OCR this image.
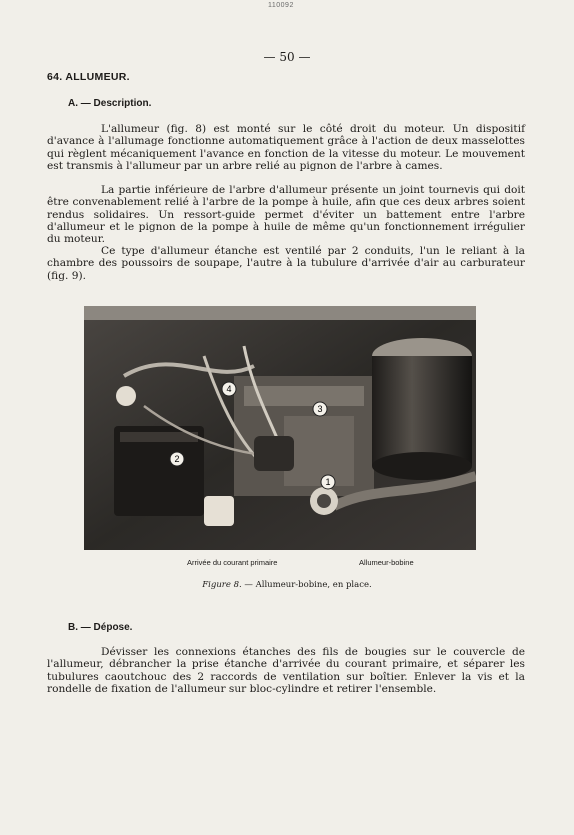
110092
— 50 —
64. ALLUMEUR.
A. — Description.

L'allumeur (fig. 8) est monté sur le côté droit du moteur. Un dispositif d'avance à l'allumage fonctionne automatiquement grâce à l'action de deux masselottes qui règlent mécaniquement l'avance en fonction de la vitesse du moteur. Le mouvement est transmis à l'allumeur par un arbre relié au pignon de l'arbre à cames.

La partie inférieure de l'arbre d'allumeur présente un joint tournevis qui doit être convenablement relié à l'arbre de la pompe à huile, afin que ces deux arbres soient rendus solidaires. Un ressort-guide permet d'éviter un battement entre l'arbre d'allumeur et le pignon de la pompe à huile de même qu'un fonctionnement irrégulier du moteur.

Ce type d'allumeur étanche est ventilé par 2 conduits, l'un le reliant à la chambre des poussoirs de soupape, l'autre à la tubulure d'arrivée d'air au carburateur (fig. 9).

1
2
3
4
Arrivée du courant primaire	Allumeur-bobine
Figure 8. — Allumeur-bobine, en place.
B. — Dépose.

Dévisser les connexions étanches des fils de bougies sur le couvercle de l'allumeur, débrancher la prise étanche d'arrivée du courant primaire, et séparer les tubulures caoutchouc des 2 raccords de ventilation sur boîtier. Enlever la vis et la rondelle de fixation de l'allumeur sur bloc-cylindre et retirer l'ensemble.
